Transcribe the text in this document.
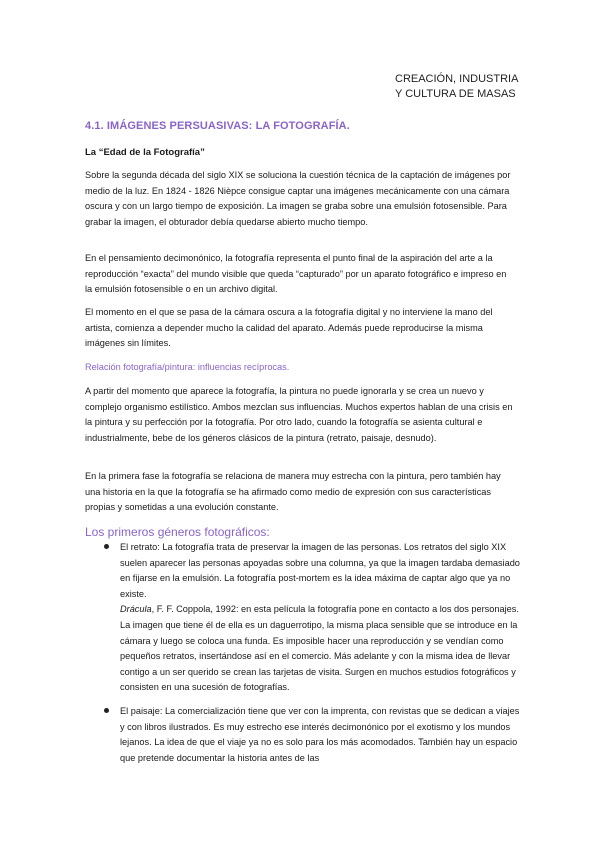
CREACIÓN, INDUSTRIA
Y CULTURA DE MASAS
4.1. IMÁGENES PERSUASIVAS: LA FOTOGRAFÍA.
La “Edad de la Fotografía”

Sobre la segunda década del siglo XIX se soluciona la cuestión técnica de la captación de imágenes por medio de la luz. En 1824 - 1826 Nièpce consigue captar una imágenes mecánicamente con una cámara oscura y con un largo tiempo de exposición. La imagen se graba sobre una emulsión fotosensible. Para grabar la imagen, el obturador debía quedarse abierto mucho tiempo.

En el pensamiento decimonónico, la fotografía representa el punto final de la aspiración del arte a la reproducción “exacta” del mundo visible que queda “capturado” por un aparato fotográfico e impreso en la emulsión fotosensible o en un archivo digital.

El momento en el que se pasa de la cámara oscura a la fotografía digital y no interviene la mano del artista, comienza a depender mucho la calidad del aparato. Además puede reproducirse la misma imágenes sin límites.

Relación fotografía/pintura: influencias recíprocas.

A partir del momento que aparece la fotografía, la pintura no puede ignorarla y se crea un nuevo y complejo organismo estilístico. Ambos mezclan sus influencias. Muchos expertos hablan de una crisis en la pintura y su perfección por la fotografía. Por otro lado, cuando la fotografía se asienta cultural e industrialmente, bebe de los géneros clásicos de la pintura (retrato, paisaje, desnudo).

En la primera fase la fotografía se relaciona de manera muy estrecha con la pintura, pero también hay una historia en la que la fotografía se ha afirmado como medio de expresión con sus características propias y sometidas a una evolución constante.

Los primeros géneros fotográficos:
El retrato: La fotografía trata de preservar la imagen de las personas. Los retratos del siglo XIX suelen aparecer las personas apoyadas sobre una columna, ya que la imagen tardaba demasiado en fijarse en la emulsión. La fotografía post-mortem es la idea máxima de captar algo que ya no existe.
Drácula, F. F. Coppola, 1992: en esta película la fotografía pone en contacto a los dos personajes. La imagen que tiene él de ella es un daguerrotipo, la misma placa sensible que se introduce en la cámara y luego se coloca una funda. Es imposible hacer una reproducción y se vendían como pequeños retratos, insertándose así en el comercio. Más adelante y con la misma idea de llevar contigo a un ser querido se crean las tarjetas de visita. Surgen en muchos estudios fotográficos y consisten en una sucesión de fotografías.
El paisaje: La comercialización tiene que ver con la imprenta, con revistas que se dedican a viajes y con libros ilustrados. Es muy estrecho ese interés decimonónico por el exotismo y los mundos lejanos. La idea de que el viaje ya no es solo para los más acomodados. También hay un espacio que pretende documentar la historia antes de las
